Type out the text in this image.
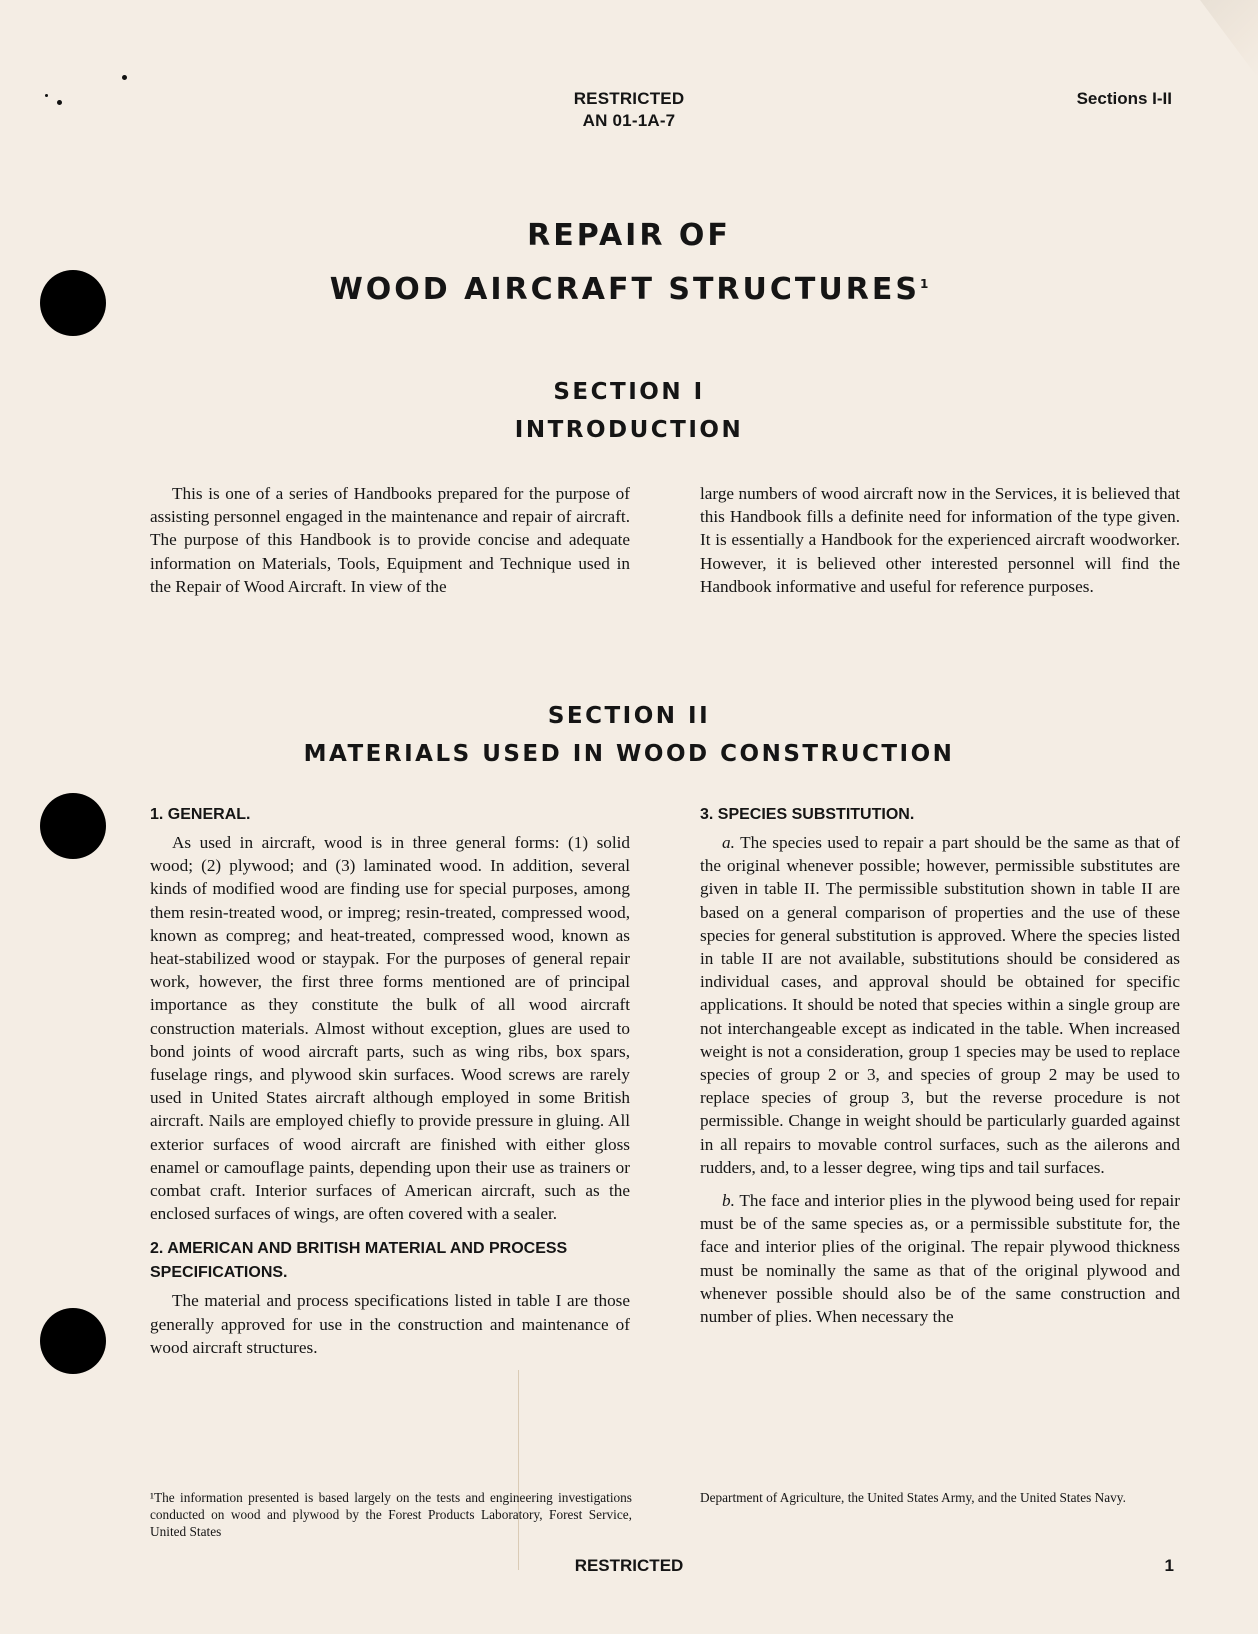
RESTRICTED
AN 01-1A-7
Sections I-II
REPAIR OF
WOOD AIRCRAFT STRUCTURES$^1$
SECTION I
INTRODUCTION

This is one of a series of Handbooks prepared for the purpose of assisting personnel engaged in the maintenance and repair of aircraft. The purpose of this Handbook is to provide concise and adequate information on Materials, Tools, Equipment and Technique used in the Repair of Wood Aircraft. In view of the

large numbers of wood aircraft now in the Services, it is believed that this Handbook fills a definite need for information of the type given. It is essentially a Handbook for the experienced aircraft woodworker. However, it is believed other interested personnel will find the Handbook informative and useful for reference purposes.

SECTION II
MATERIALS USED IN WOOD CONSTRUCTION
1. GENERAL.

As used in aircraft, wood is in three general forms: (1) solid wood; (2) plywood; and (3) laminated wood. In addition, several kinds of modified wood are finding use for special purposes, among them resin-treated wood, or impreg; resin-treated, compressed wood, known as compreg; and heat-treated, compressed wood, known as heat-stabilized wood or staypak. For the purposes of general repair work, however, the first three forms mentioned are of principal importance as they constitute the bulk of all wood aircraft construction materials. Almost without exception, glues are used to bond joints of wood aircraft parts, such as wing ribs, box spars, fuselage rings, and plywood skin surfaces. Wood screws are rarely used in United States aircraft although employed in some British aircraft. Nails are employed chiefly to provide pressure in gluing. All exterior surfaces of wood aircraft are finished with either gloss enamel or camouflage paints, depending upon their use as trainers or combat craft. Interior surfaces of American aircraft, such as the enclosed surfaces of wings, are often covered with a sealer.

2. AMERICAN AND BRITISH MATERIAL AND PROCESS SPECIFICATIONS.

The material and process specifications listed in table I are those generally approved for use in the construction and maintenance of wood aircraft structures.

3. SPECIES SUBSTITUTION.

a. The species used to repair a part should be the same as that of the original whenever possible; however, permissible substitutes are given in table II. The permissible substitution shown in table II are based on a general comparison of properties and the use of these species for general substitution is approved. Where the species listed in table II are not available, substitutions should be considered as individual cases, and approval should be obtained for specific applications. It should be noted that species within a single group are not interchangeable except as indicated in the table. When increased weight is not a consideration, group 1 species may be used to replace species of group 2 or 3, and species of group 2 may be used to replace species of group 3, but the reverse procedure is not permissible. Change in weight should be particularly guarded against in all repairs to movable control surfaces, such as the ailerons and rudders, and, to a lesser degree, wing tips and tail surfaces.

b. The face and interior plies in the plywood being used for repair must be of the same species as, or a permissible substitute for, the face and interior plies of the original. The repair plywood thickness must be nominally the same as that of the original plywood and whenever possible should also be of the same construction and number of plies. When necessary the

¹The information presented is based largely on the tests and engineering investigations conducted on wood and plywood by the Forest Products Laboratory, Forest Service, United States
Department of Agriculture, the United States Army, and the United States Navy.
RESTRICTED	1
